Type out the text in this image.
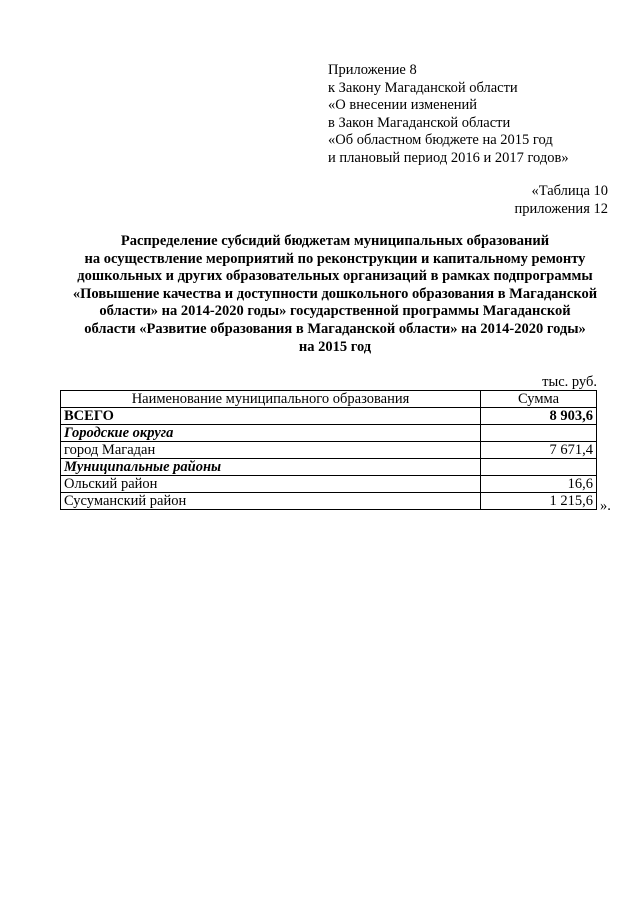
Приложение 8
к Закону Магаданской области
«О внесении изменений
в Закон Магаданской области
«Об областном бюджете на 2015 год
и плановый период 2016 и 2017 годов»
«Таблица 10
приложения 12
Распределение субсидий бюджетам муниципальных образований
на осуществление мероприятий по реконструкции и капитальному ремонту
дошкольных и других образовательных организаций в рамках подпрограммы
«Повышение качества и доступности дошкольного образования в Магаданской
области» на 2014-2020 годы» государственной программы Магаданской
области «Развитие образования в Магаданской области» на 2014-2020 годы»
на 2015 год
тыс. руб.
Наименование муниципального образования	Сумма
ВСЕГО	8 903,6
Городские округа	
город Магадан	7 671,4
Муниципальные районы	
Ольский район	16,6
Сусуманский район	1 215,6 ».
